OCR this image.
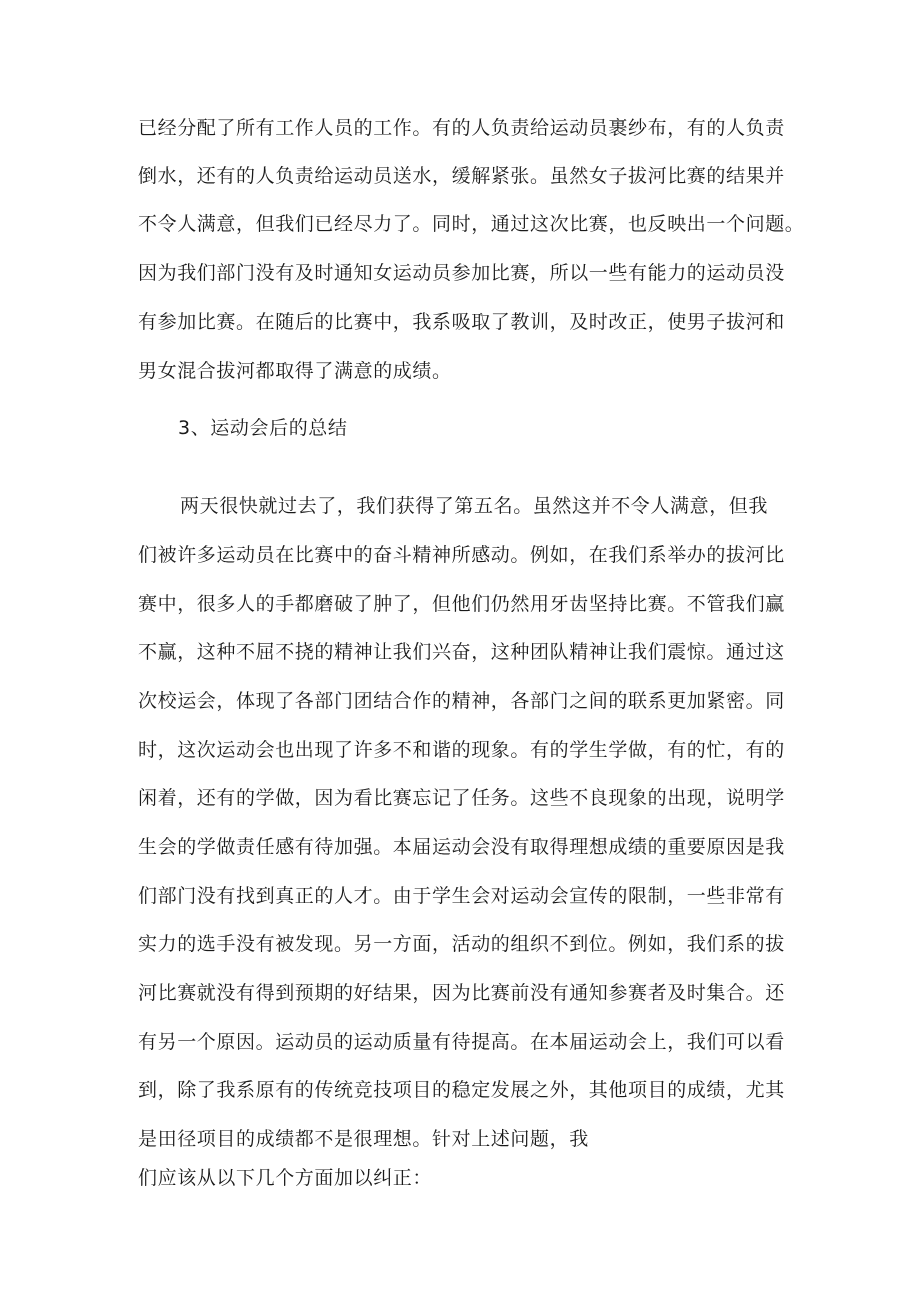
已经分配了所有工作人员的工作。有的人负责给运动员裹纱布，有的人负责
倒水，还有的人负责给运动员送水，缓解紧张。虽然女子拔河比赛的结果并
不令人满意，但我们已经尽力了。同时，通过这次比赛，也反映出一个问题。
因为我们部门没有及时通知女运动员参加比赛，所以一些有能力的运动员没
有参加比赛。在随后的比赛中，我系吸取了教训，及时改正，使男子拔河和
男女混合拔河都取得了满意的成绩。
3、运动会后的总结
两天很快就过去了，我们获得了第五名。虽然这并不令人满意，但我
们被许多运动员在比赛中的奋斗精神所感动。例如，在我们系举办的拔河比
赛中，很多人的手都磨破了肿了，但他们仍然用牙齿坚持比赛。不管我们赢
不赢，这种不屈不挠的精神让我们兴奋，这种团队精神让我们震惊。通过这
次校运会，体现了各部门团结合作的精神，各部门之间的联系更加紧密。同
时，这次运动会也出现了许多不和谐的现象。有的学生学做，有的忙，有的
闲着，还有的学做，因为看比赛忘记了任务。这些不良现象的出现，说明学
生会的学做责任感有待加强。本届运动会没有取得理想成绩的重要原因是我
们部门没有找到真正的人才。由于学生会对运动会宣传的限制，一些非常有
实力的选手没有被发现。另一方面，活动的组织不到位。例如，我们系的拔
河比赛就没有得到预期的好结果，因为比赛前没有通知参赛者及时集合。还
有另一个原因。运动员的运动质量有待提高。在本届运动会上，我们可以看
到，除了我系原有的传统竞技项目的稳定发展之外，其他项目的成绩，尤其
是田径项目的成绩都不是很理想。针对上述问题，我
们应该从以下几个方面加以纠正：
